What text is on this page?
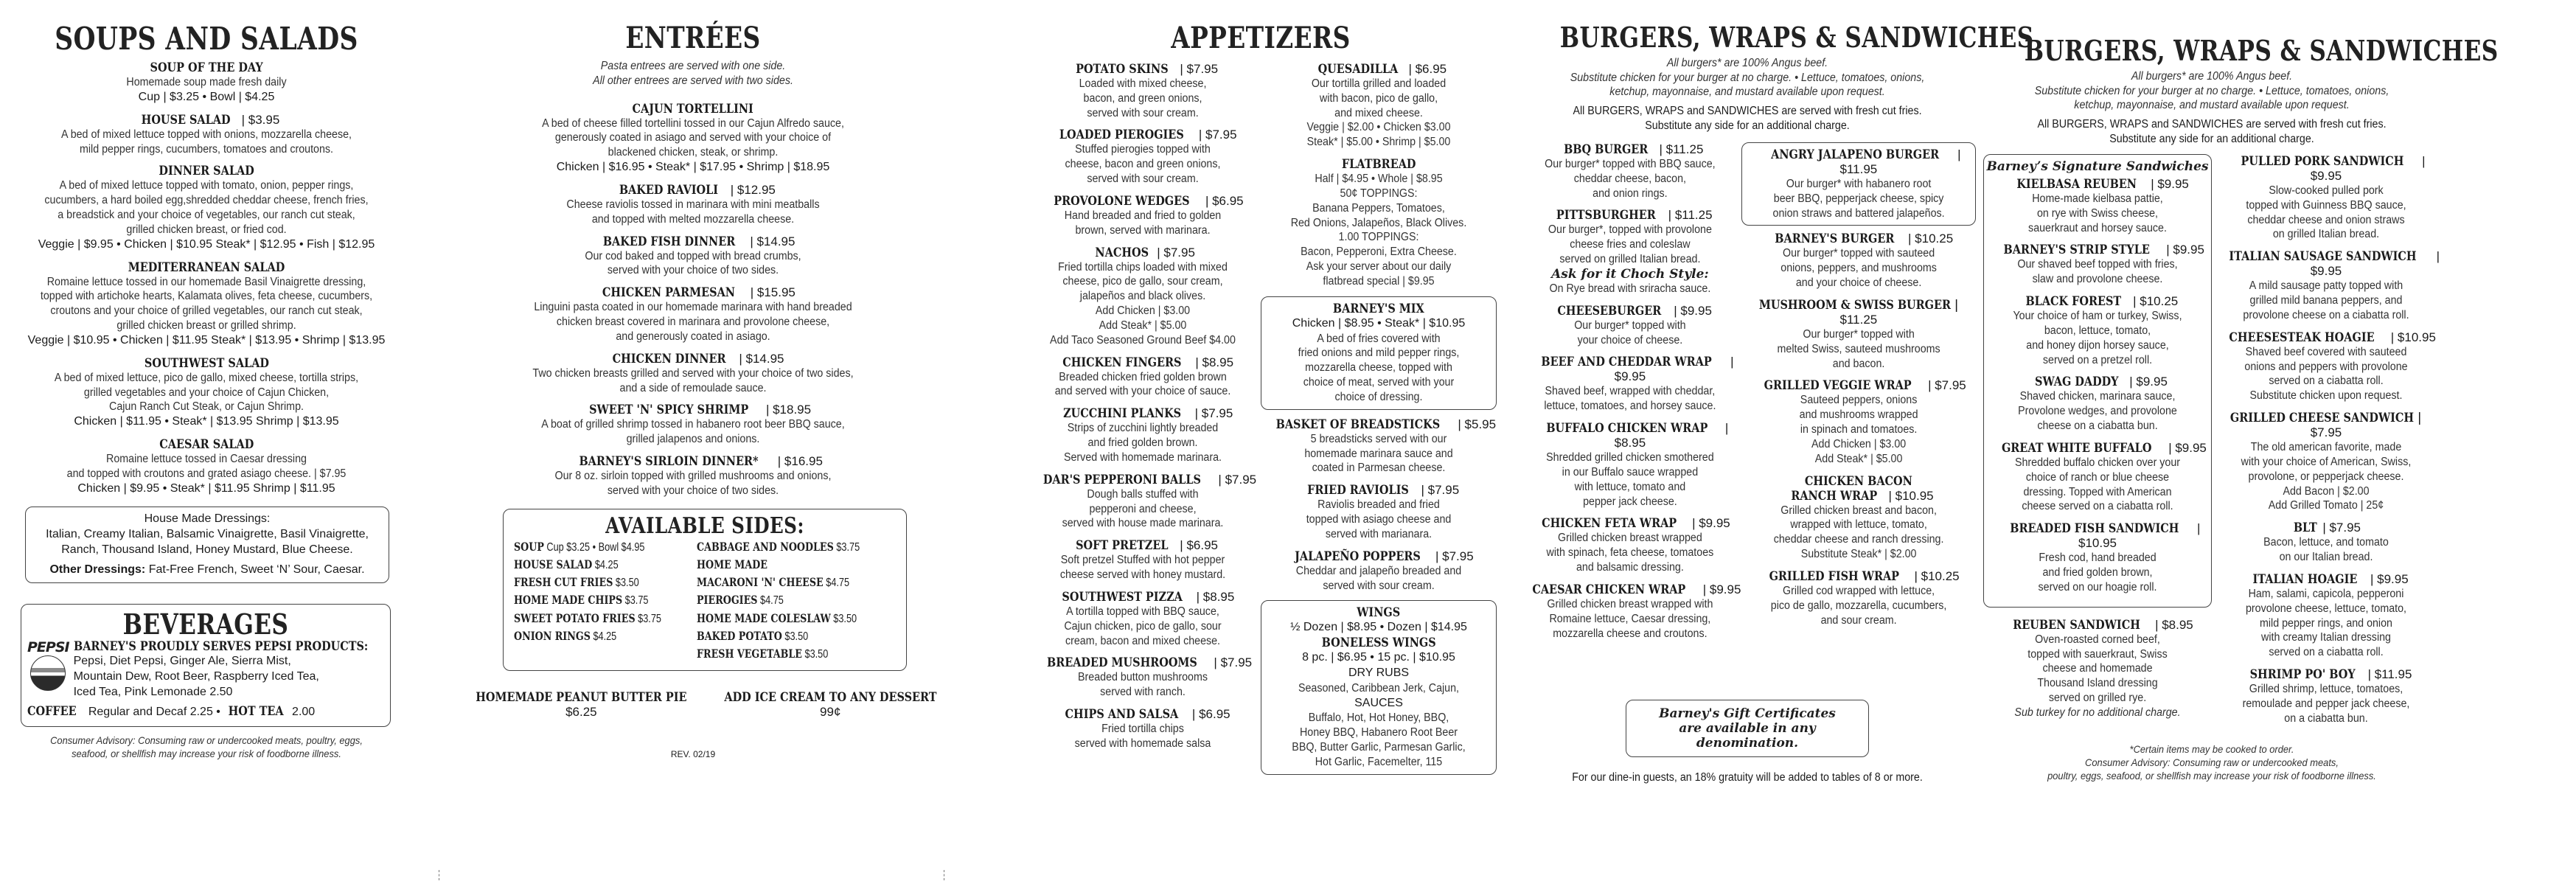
SOUPS AND SALADS
SOUP OF THE DAY
Homemade soup made fresh daily
Cup | $3.25 • Bowl | $4.25
HOUSE SALAD | $3.95
A bed of mixed lettuce topped with onions, mozzarella cheese,
mild pepper rings, cucumbers, tomatoes and croutons.
DINNER SALAD
A bed of mixed lettuce topped with tomato, onion, pepper rings,
cucumbers, a hard boiled egg,shredded cheddar cheese, french fries,
a breadstick and your choice of vegetables, our ranch cut steak,
grilled chicken breast, or fried cod.
Veggie | $9.95 • Chicken | $10.95 Steak* | $12.95 • Fish | $12.95
MEDITERRANEAN SALAD
Romaine lettuce tossed in our homemade Basil Vinaigrette dressing,
topped with artichoke hearts, Kalamata olives, feta cheese, cucumbers,
croutons and your choice of grilled vegetables, our ranch cut steak,
grilled chicken breast or grilled shrimp.
Veggie | $10.95 • Chicken | $11.95 Steak* | $13.95 • Shrimp | $13.95
SOUTHWEST SALAD
A bed of mixed lettuce, pico de gallo, mixed cheese, tortilla strips,
grilled vegetables and your choice of Cajun Chicken,
Cajun Ranch Cut Steak, or Cajun Shrimp.
Chicken | $11.95 • Steak* | $13.95 Shrimp | $13.95
CAESAR SALAD
Romaine lettuce tossed in Caesar dressing
and topped with croutons and grated asiago cheese. | $7.95
Chicken | $9.95 • Steak* | $11.95 Shrimp | $11.95
House Made Dressings:
Italian, Creamy Italian, Balsamic Vinaigrette, Basil Vinaigrette,
Ranch, Thousand Island, Honey Mustard, Blue Cheese.
Other Dressings: Fat-Free French, Sweet ‘N’ Sour, Caesar.
BEVERAGES
PEPSI BARNEY'S PROUDLY SERVES PEPSI PRODUCTS:
Pepsi, Diet Pepsi, Ginger Ale, Sierra Mist,
Mountain Dew, Root Beer, Raspberry Iced Tea,
Iced Tea, Pink Lemonade 2.50
COFFEE Regular and Decaf 2.25 • HOT TEA 2.00
Consumer Advisory: Consuming raw or undercooked meats, poultry, eggs,
seafood, or shellfish may increase your risk of foodborne illness.
ENTRÉES
Pasta entrees are served with one side.
All other entrees are served with two sides.
CAJUN TORTELLINI
A bed of cheese filled tortellini tossed in our Cajun Alfredo sauce,
generously coated in asiago and served with your choice of
blackened chicken, steak, or shrimp.
Chicken | $16.95 • Steak* | $17.95 • Shrimp | $18.95
BAKED RAVIOLI | $12.95
Cheese raviolis tossed in marinara with mini meatballs
and topped with melted mozzarella cheese.
BAKED FISH DINNER | $14.95
Our cod baked and topped with bread crumbs,
served with your choice of two sides.
CHICKEN PARMESAN | $15.95
Linguini pasta coated in our homemade marinara with hand breaded
chicken breast covered in marinara and provolone cheese,
and generously coated in asiago.
CHICKEN DINNER | $14.95
Two chicken breasts grilled and served with your choice of two sides,
and a side of remoulade sauce.
SWEET 'N' SPICY SHRIMP | $18.95
A boat of grilled shrimp tossed in habanero root beer BBQ sauce,
grilled jalapenos and onions.
BARNEY'S SIRLOIN DINNER* | $16.95
Our 8 oz. sirloin topped with grilled mushrooms and onions,
served with your choice of two sides.
AVAILABLE SIDES:
SOUP Cup $3.25 • Bowl $4.95
HOUSE SALAD $4.25
FRESH CUT FRIES $3.50
HOME MADE CHIPS $3.75
SWEET POTATO FRIES $3.75
ONION RINGS $4.25
CABBAGE AND NOODLES $3.75
HOME MADE
MACARONI 'N' CHEESE $4.75
PIEROGIES $4.75
HOME MADE COLESLAW $3.50
BAKED POTATO $3.50
FRESH VEGETABLE $3.50
HOMEMADE PEANUT BUTTER PIE
$6.25
ADD ICE CREAM TO ANY DESSERT
99¢
REV. 02/19
APPETIZERS
POTATO SKINS | $7.95
Loaded with mixed cheese,
bacon, and green onions,
served with sour cream.
LOADED PIEROGIES | $7.95
Stuffed pierogies topped with
cheese, bacon and green onions,
served with sour cream.
PROVOLONE WEDGES | $6.95
Hand breaded and fried to golden
brown, served with marinara.
NACHOS | $7.95
Fried tortilla chips loaded with mixed
cheese, pico de gallo, sour cream,
jalapeños and black olives.
Add Chicken | $3.00
Add Steak* | $5.00
Add Taco Seasoned Ground Beef $4.00
CHICKEN FINGERS | $8.95
Breaded chicken fried golden brown
and served with your choice of sauce.
ZUCCHINI PLANKS | $7.95
Strips of zucchini lightly breaded
and fried golden brown.
Served with homemade marinara.
DAR'S PEPPERONI BALLS | $7.95
Dough balls stuffed with
pepperoni and cheese,
served with house made marinara.
SOFT PRETZEL | $6.95
Soft pretzel Stuffed with hot pepper
cheese served with honey mustard.
SOUTHWEST PIZZA | $8.95
A tortilla topped with BBQ sauce,
Cajun chicken, pico de gallo, sour
cream, bacon and mixed cheese.
BREADED MUSHROOMS | $7.95
Breaded button mushrooms
served with ranch.
CHIPS AND SALSA | $6.95
Fried tortilla chips
served with homemade salsa
QUESADILLA | $6.95
Our tortilla grilled and loaded
with bacon, pico de gallo,
and mixed cheese.
Veggie | $2.00 • Chicken $3.00
Steak* | $5.00 • Shrimp | $5.00
FLATBREAD
Half | $4.95 • Whole | $8.95
50¢ TOPPINGS:
Banana Peppers, Tomatoes,
Red Onions, Jalapeños, Black Olives.
1.00 TOPPINGS:
Bacon, Pepperoni, Extra Cheese.
Ask your server about our daily
flatbread special | $9.95
BARNEY'S MIX
Chicken | $8.95 • Steak* | $10.95
A bed of fries covered with
fried onions and mild pepper rings,
mozzarella cheese, topped with
choice of meat, served with your
choice of dressing.
BASKET OF BREADSTICKS | $5.95
5 breadsticks served with our
homemade marinara sauce and
coated in Parmesan cheese.
FRIED RAVIOLIS | $7.95
Raviolis breaded and fried
topped with asiago cheese and
served with marianara.
JALAPEÑO POPPERS | $7.95
Cheddar and jalapeño breaded and
served with sour cream.
WINGS
½ Dozen | $8.95 • Dozen | $14.95
BONELESS WINGS
8 pc. | $6.95 • 15 pc. | $10.95
DRY RUBS
Seasoned, Caribbean Jerk, Cajun,
SAUCES
Buffalo, Hot, Hot Honey, BBQ,
Honey BBQ, Habanero Root Beer
BBQ, Butter Garlic, Parmesan Garlic,
Hot Garlic, Facemelter, 115
BURGERS, WRAPS & SANDWICHES
All burgers* are 100% Angus beef.
Substitute chicken for your burger at no charge. • Lettuce, tomatoes, onions,
ketchup, mayonnaise, and mustard available upon request.
All BURGERS, WRAPS and SANDWICHES are served with fresh cut fries.
Substitute any side for an additional charge.
BBQ BURGER | $11.25
Our burger* topped with BBQ sauce,
cheddar cheese, bacon,
and onion rings.
PITTSBURGHER | $11.25
Our burger*, topped with provolone
cheese fries and coleslaw
served on grilled Italian bread.
Ask for it Choch Style:
On Rye bread with sriracha sauce.
CHEESEBURGER | $9.95
Our burger* topped with
your choice of cheese.
BEEF AND CHEDDAR WRAP | $9.95
Shaved beef, wrapped with cheddar,
lettuce, tomatoes, and horsey sauce.
BUFFALO CHICKEN WRAP | $8.95
Shredded grilled chicken smothered
in our Buffalo sauce wrapped
with lettuce, tomato and
pepper jack cheese.
CHICKEN FETA WRAP | $9.95
Grilled chicken breast wrapped
with spinach, feta cheese, tomatoes
and balsamic dressing.
CAESAR CHICKEN WRAP | $9.95
Grilled chicken breast wrapped with
Romaine lettuce, Caesar dressing,
mozzarella cheese and croutons.
ANGRY JALAPENO BURGER | $11.95
Our burger* with habanero root
beer BBQ, pepperjack cheese, spicy
onion straws and battered jalapeños.
BARNEY'S BURGER | $10.25
Our burger* topped with sauteed
onions, peppers, and mushrooms
and your choice of cheese.
MUSHROOM & SWISS BURGER |$11.25
Our burger* topped with
melted Swiss, sauteed mushrooms
and bacon.
GRILLED VEGGIE WRAP | $7.95
Sauteed peppers, onions
and mushrooms wrapped
in spinach and tomatoes.
Add Chicken | $3.00
Add Steak* | $5.00
CHICKEN BACON
RANCH WRAP | $10.95
Grilled chicken breast and bacon,
wrapped with lettuce, tomato,
cheddar cheese and ranch dressing.
Substitute Steak* | $2.00
GRILLED FISH WRAP | $10.25
Grilled cod wrapped with lettuce,
pico de gallo, mozzarella, cucumbers,
and sour cream.
Barney's Gift Certificates
are available in any denomination.
For our dine-in guests, an 18% gratuity will be added to tables of 8 or more.
BURGERS, WRAPS & SANDWICHES
All burgers* are 100% Angus beef.
Substitute chicken for your burger at no charge. • Lettuce, tomatoes, onions,
ketchup, mayonnaise, and mustard available upon request.
All BURGERS, WRAPS and SANDWICHES are served with fresh cut fries.
Substitute any side for an additional charge.
Barney’s Signature Sandwiches
KIELBASA REUBEN | $9.95
Home-made kielbasa pattie,
on rye with Swiss cheese,
sauerkraut and horsey sauce.
BARNEY'S STRIP STYLE | $9.95
Our shaved beef topped with fries,
slaw and provolone cheese.
BLACK FOREST | $10.25
Your choice of ham or turkey, Swiss,
bacon, lettuce, tomato,
and honey dijon horsey sauce,
served on a pretzel roll.
SWAG DADDY | $9.95
Shaved chicken, marinara sauce,
Provolone wedges, and provolone
cheese on a ciabatta bun.
GREAT WHITE BUFFALO | $9.95
Shredded buffalo chicken over your
choice of ranch or blue cheese
dressing. Topped with American
cheese served on a ciabatta roll.
BREADED FISH SANDWICH | $10.95
Fresh cod, hand breaded
and fried golden brown,
served on our hoagie roll.
REUBEN SANDWICH | $8.95
Oven-roasted corned beef,
topped with sauerkraut, Swiss
cheese and homemade
Thousand Island dressing
served on grilled rye.
Sub turkey for no additional charge.
PULLED PORK SANDWICH | $9.95
Slow-cooked pulled pork
topped with Guinness BBQ sauce,
cheddar cheese and onion straws
on grilled Italian bread.
ITALIAN SAUSAGE SANDWICH | $9.95
A mild sausage patty topped with
grilled mild banana peppers, and
provolone cheese on a ciabatta roll.
CHEESESTEAK HOAGIE | $10.95
Shaved beef covered with sauteed
onions and peppers with provolone
served on a ciabatta roll.
Substitute chicken upon request.
GRILLED CHEESE SANDWICH |$7.95
The old american favorite, made
with your choice of American, Swiss,
provolone, or pepperjack cheese.
Add Bacon | $2.00
Add Grilled Tomato | 25¢
BLT | $7.95
Bacon, lettuce, and tomato
on our Italian bread.
ITALIAN HOAGIE | $9.95
Ham, salami, capicola, pepperoni
provolone cheese, lettuce, tomato,
mild pepper rings, and onion
with creamy Italian dressing
served on a ciabatta roll.
SHRIMP PO' BOY | $11.95
Grilled shrimp, lettuce, tomatoes,
remoulade and pepper jack cheese,
on a ciabatta bun.
*Certain items may be cooked to order.
Consumer Advisory: Consuming raw or undercooked meats,
poultry, eggs, seafood, or shellfish may increase your risk of foodborne illness.
